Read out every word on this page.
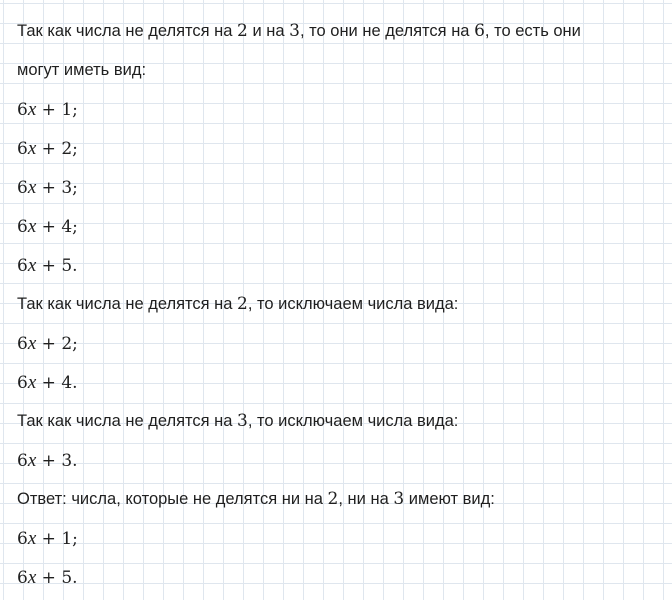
Так как числа не делятся на 2 и на 3, то они не делятся на 6, то есть они
могут иметь вид:
6x + 1;
6x + 2;
6x + 3;
6x + 4;
6x + 5.
Так как числа не делятся на 2, то исключаем числа вида:
6x + 2;
6x + 4.
Так как числа не делятся на 3, то исключаем числа вида:
6x + 3.
Ответ: числа, которые не делятся ни на 2, ни на 3 имеют вид:
6x + 1;
6x + 5.
